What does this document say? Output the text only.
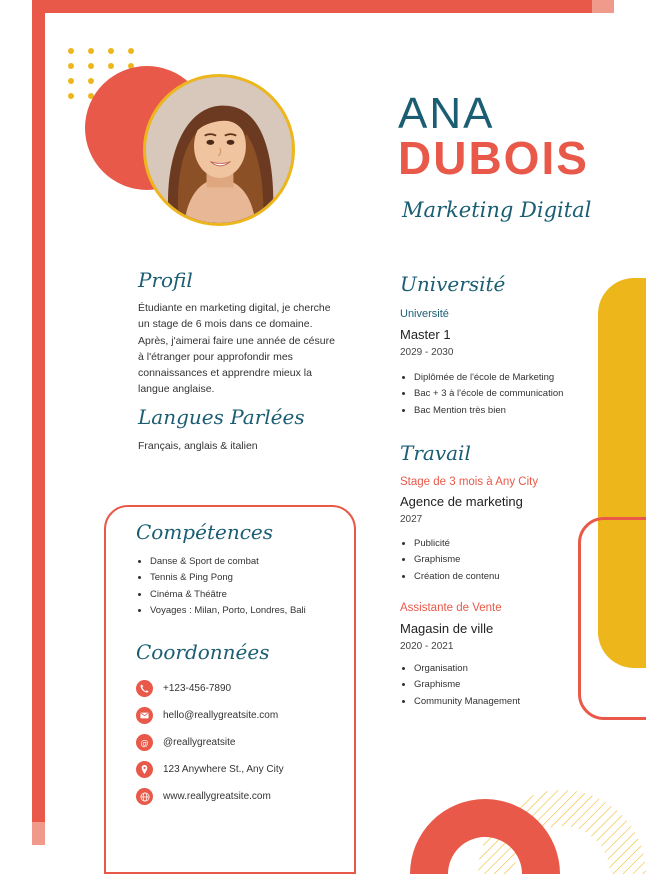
ANA
DUBOIS
Marketing Digital
Profil
Étudiante en marketing digital, je cherche un stage de 6 mois dans ce domaine. Après, j'aimerai faire une année de césure à l'étranger pour approfondir mes connaissances et apprendre mieux la langue anglaise.
Langues Parlées
Français, anglais & italien
Compétences
• Danse & Sport de combat
• Tennis & Ping Pong
• Cinéma & Théâtre
• Voyages : Milan, Porto, Londres, Bali
Coordonnées
+123-456-7890
hello@reallygreatsite.com
@ @reallygreatsite
123 Anywhere St., Any City
www.reallygreatsite.com
Université
Université
Master 1
2029 - 2030
• Diplômée de l'école de Marketing
• Bac + 3 à l'école de communication
• Bac Mention très bien
Travail
Stage de 3 mois à Any City
Agence de marketing
2027
• Publicité
• Graphisme
• Création de contenu
Assistante de Vente
Magasin de ville
2020 - 2021
• Organisation
• Graphisme
• Community Management
